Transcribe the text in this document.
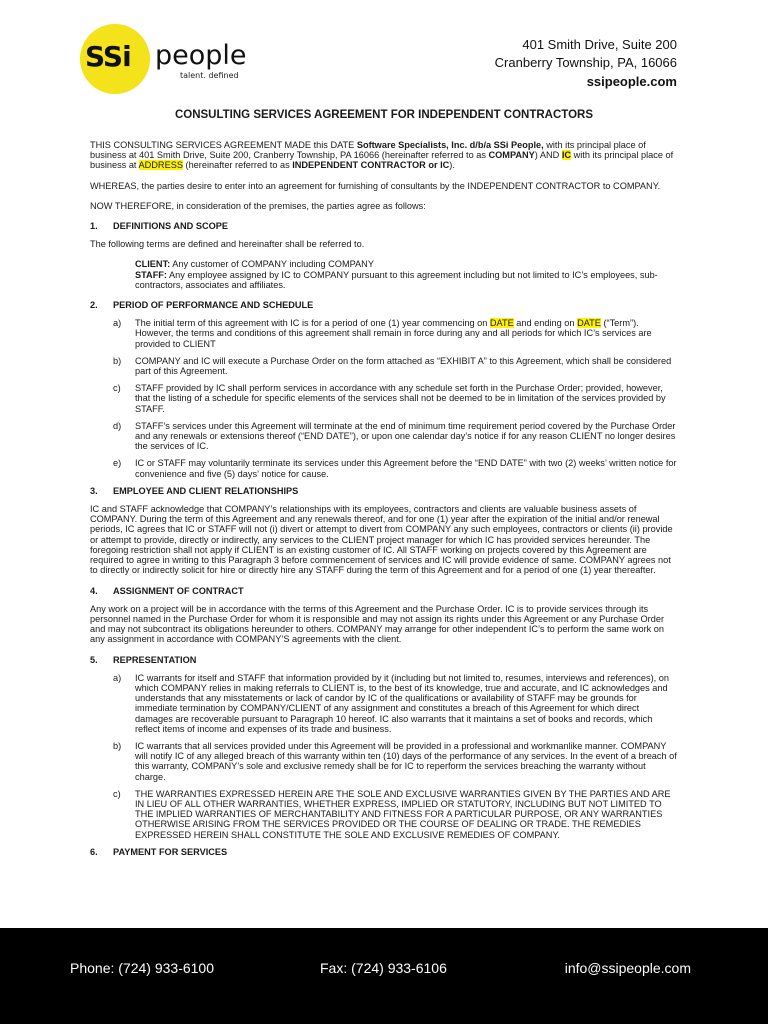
SSi people
talent. defined
401 Smith Drive, Suite 200
Cranberry Township, PA, 16066
ssipeople.com
CONSULTING SERVICES AGREEMENT FOR INDEPENDENT CONTRACTORS
THIS CONSULTING SERVICES AGREEMENT MADE this DATE Software Specialists, Inc. d/b/a SSi People, with its principal place of business at 401 Smith Drive, Suite 200, Cranberry Township, PA 16066 (hereinafter referred to as COMPANY) AND IC with its principal place of business at ADDRESS (hereinafter referred to as INDEPENDENT CONTRACTOR or IC).
WHEREAS, the parties desire to enter into an agreement for furnishing of consultants by the INDEPENDENT CONTRACTOR to COMPANY.
NOW THEREFORE, in consideration of the premises, the parties agree as follows:
1.	DEFINITIONS AND SCOPE
The following terms are defined and hereinafter shall be referred to.
CLIENT: Any customer of COMPANY including COMPANY
STAFF: Any employee assigned by IC to COMPANY pursuant to this agreement including but not limited to IC’s employees, sub-contractors, associates and affiliates.
2.	PERIOD OF PERFORMANCE AND SCHEDULE
a)	The initial term of this agreement with IC is for a period of one (1) year commencing on DATE and ending on DATE (“Term”). However, the terms and conditions of this agreement shall remain in force during any and all periods for which IC’s services are provided to CLIENT
b)	COMPANY and IC will execute a Purchase Order on the form attached as “EXHIBIT A” to this Agreement, which shall be considered part of this Agreement.
c)	STAFF provided by IC shall perform services in accordance with any schedule set forth in the Purchase Order; provided, however, that the listing of a schedule for specific elements of the services shall not be deemed to be in limitation of the services provided by STAFF.
d)	STAFF’s services under this Agreement will terminate at the end of minimum time requirement period covered by the Purchase Order and any renewals or extensions thereof (“END DATE”), or upon one calendar day’s notice if for any reason CLIENT no longer desires the services of IC.
e)	IC or STAFF may voluntarily terminate its services under this Agreement before the “END DATE” with two (2) weeks’ written notice for convenience and five (5) days’ notice for cause.
3.	EMPLOYEE AND CLIENT RELATIONSHIPS
IC and STAFF acknowledge that COMPANY’s relationships with its employees, contractors and clients are valuable business assets of COMPANY. During the term of this Agreement and any renewals thereof, and for one (1) year after the expiration of the initial and/or renewal periods, IC agrees that IC or STAFF will not (i) divert or attempt to divert from COMPANY any such employees, contractors or clients (ii) provide or attempt to provide, directly or indirectly, any services to the CLIENT project manager for which IC has provided services hereunder. The foregoing restriction shall not apply if CLIENT is an existing customer of IC. All STAFF working on projects covered by this Agreement are required to agree in writing to this Paragraph 3 before commencement of services and IC will provide evidence of same. COMPANY agrees not to directly or indirectly solicit for hire or directly hire any STAFF during the term of this Agreement and for a period of one (1) year thereafter.
4.	ASSIGNMENT OF CONTRACT
Any work on a project will be in accordance with the terms of this Agreement and the Purchase Order. IC is to provide services through its personnel named in the Purchase Order for whom it is responsible and may not assign its rights under this Agreement or any Purchase Order and may not subcontract its obligations hereunder to others. COMPANY may arrange for other independent IC’s to perform the same work on any assignment in accordance with COMPANY’S agreements with the client.
5.	REPRESENTATION
a)	IC warrants for itself and STAFF that information provided by it (including but not limited to, resumes, interviews and references), on which COMPANY relies in making referrals to CLIENT is, to the best of its knowledge, true and accurate, and IC acknowledges and understands that any misstatements or lack of candor by IC of the qualifications or availability of STAFF may be grounds for immediate termination by COMPANY/CLIENT of any assignment and constitutes a breach of this Agreement for which direct damages are recoverable pursuant to Paragraph 10 hereof. IC also warrants that it maintains a set of books and records, which reflect items of income and expenses of its trade and business.
b)	IC warrants that all services provided under this Agreement will be provided in a professional and workmanlike manner. COMPANY will notify IC of any alleged breach of this warranty within ten (10) days of the performance of any services. In the event of a breach of this warranty, COMPANY’s sole and exclusive remedy shall be for IC to reperform the services breaching the warranty without charge.
c)	THE WARRANTIES EXPRESSED HEREIN ARE THE SOLE AND EXCLUSIVE WARRANTIES GIVEN BY THE PARTIES AND ARE IN LIEU OF ALL OTHER WARRANTIES, WHETHER EXPRESS, IMPLIED OR STATUTORY, INCLUDING BUT NOT LIMITED TO THE IMPLIED WARRANTIES OF MERCHANTABILITY AND FITNESS FOR A PARTICULAR PURPOSE, OR ANY WARRANTIES OTHERWISE ARISING FROM THE SERVICES PROVIDED OR THE COURSE OF DEALING OR TRADE. THE REMEDIES EXPRESSED HEREIN SHALL CONSTITUTE THE SOLE AND EXCLUSIVE REMEDIES OF COMPANY.
6.	PAYMENT FOR SERVICES
Phone: (724) 933-6100	Fax: (724) 933-6106	info@ssipeople.com
